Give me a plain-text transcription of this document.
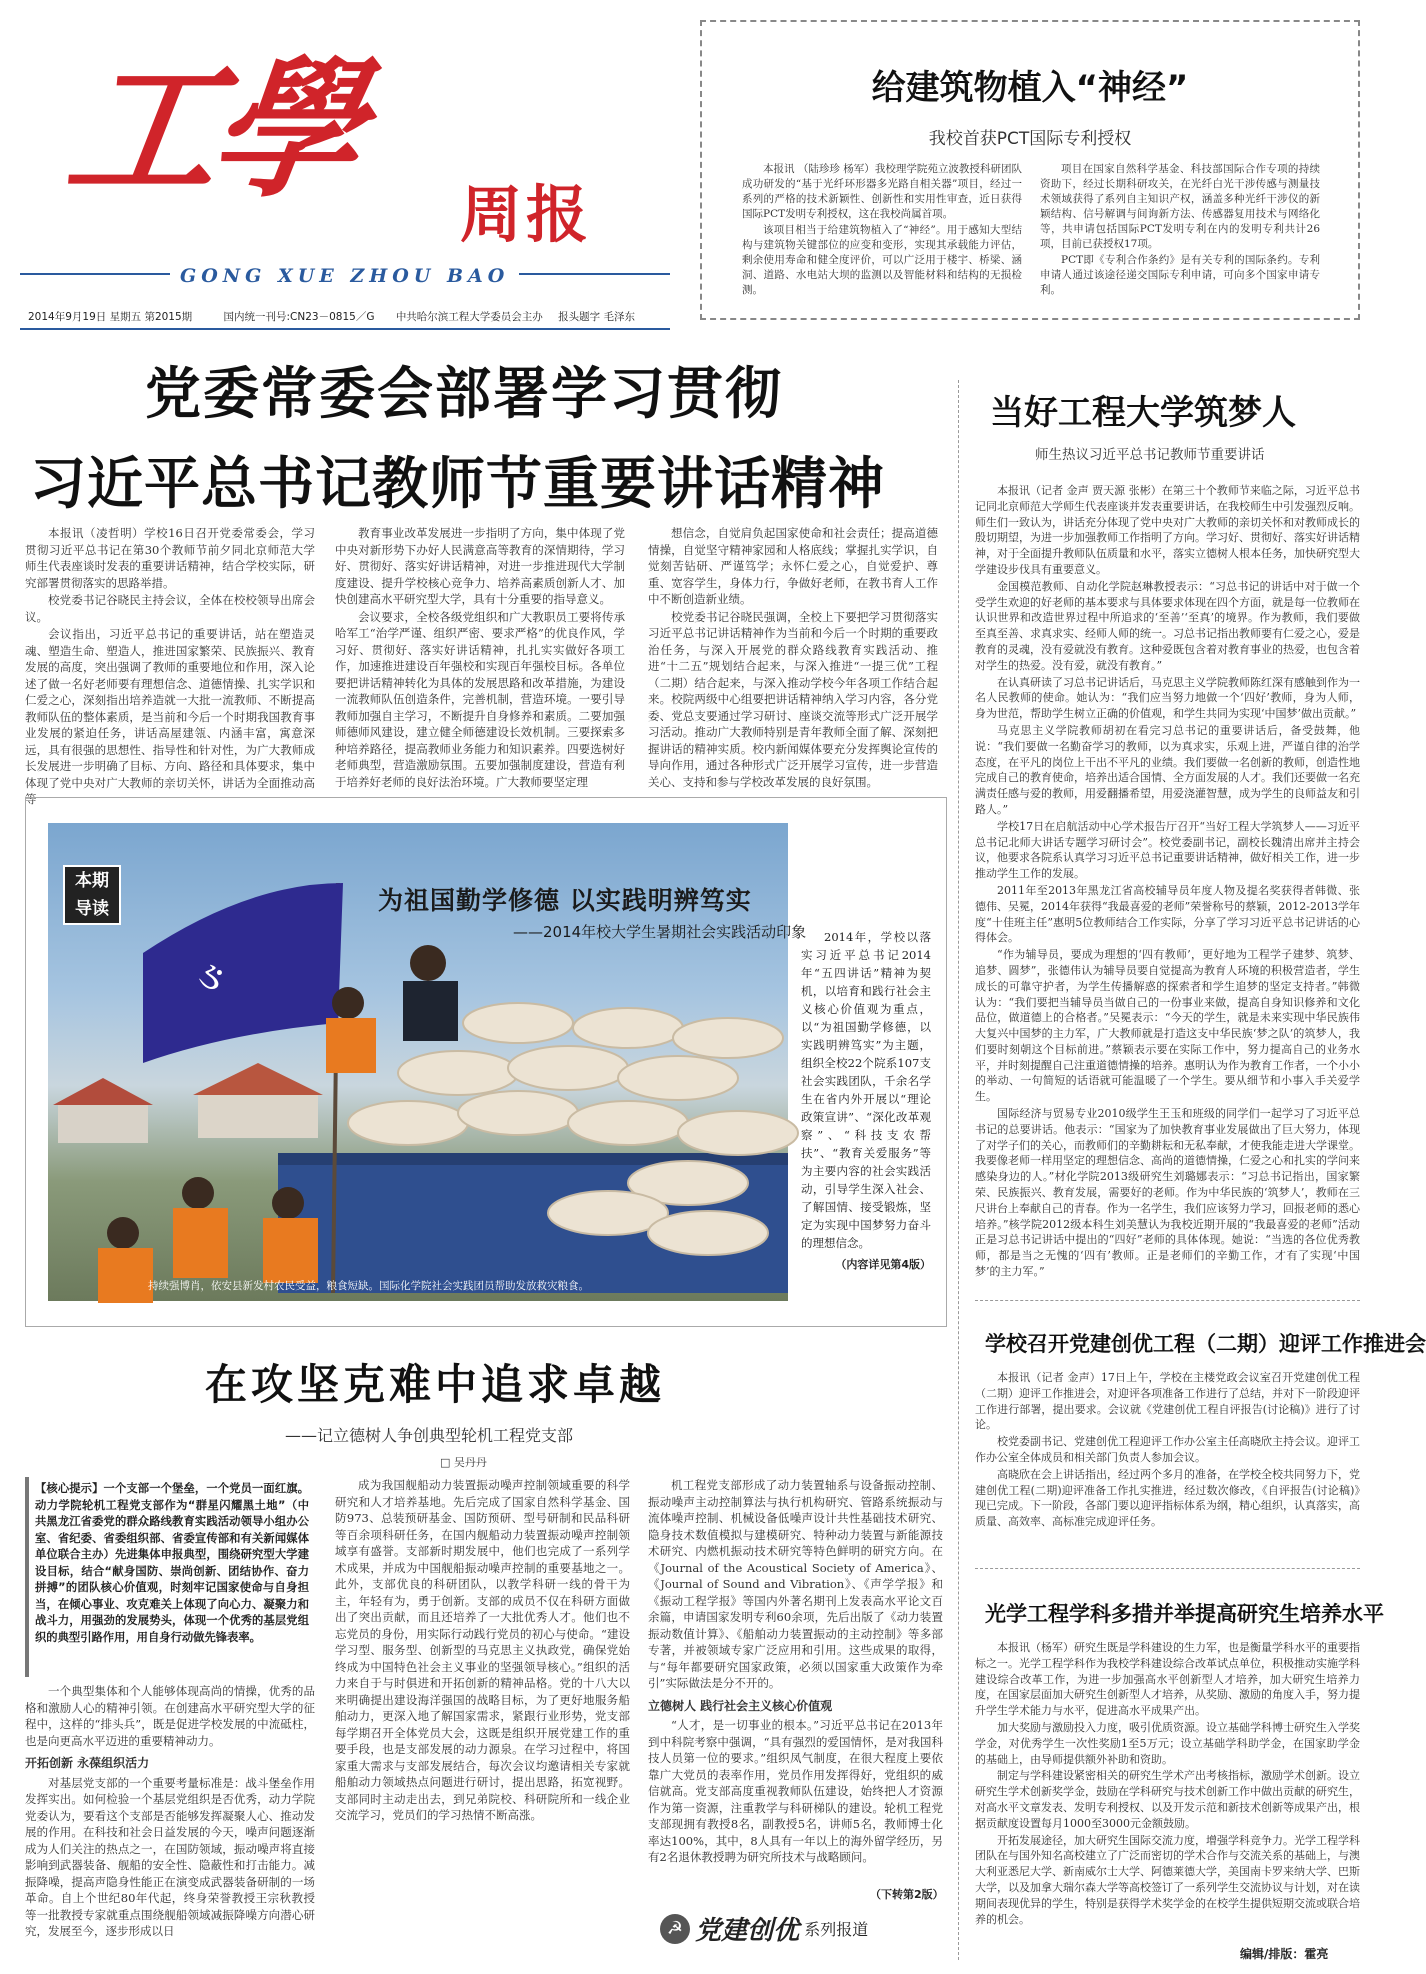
工學 周报
GONG XUE ZHOU BAO
2014年9月19日 星期五 第2015期	国内统一刊号:CN23－0815／G 中共哈尔滨工程大学委员会主办 报头题字 毛泽东
给建筑物植入“神经”
我校首获PCT国际专利授权

本报讯 （陆珍珍 杨军）我校理学院苑立波教授科研团队成功研发的“基于光纤环形器多光路自相关器”项目，经过一系列的严格的技术新颖性、创新性和实用性审查，近日获得国际PCT发明专利授权，这在我校尚属首项。

该项目相当于给建筑物植入了“神经”。用于感知大型结构与建筑物关键部位的应变和变形，实现其承载能力评估，剩余使用寿命和健全度评价，可以广泛用于楼宇、桥梁、涵洞、道路、水电站大坝的监测以及智能材料和结构的无损检测。

项目在国家自然科学基金、科技部国际合作专项的持续资助下，经过长期科研攻关，在光纤白光干涉传感与测量技术领域获得了系列自主知识产权，涵盖多种光纤干涉仪的新颖结构、信号解调与间询新方法、传感器复用技术与网络化等，共申请包括国际PCT发明专利在内的发明专利共计26项，目前已获授权17项。

PCT即《专利合作条约》是有关专利的国际条约。专利申请人通过该途径递交国际专利申请，可向多个国家申请专利。

党委常委会部署学习贯彻
习近平总书记教师节重要讲话精神

本报讯（凌哲明）学校16日召开党委常委会，学习贯彻习近平总书记在第30个教师节前夕同北京师范大学师生代表座谈时发表的重要讲话精神，结合学校实际，研究部署贯彻落实的思路举措。

校党委书记谷晓民主持会议，全体在校校领导出席会议。

会议指出，习近平总书记的重要讲话，站在塑造灵魂、塑造生命、塑造人，推进国家繁荣、民族振兴、教育发展的高度，突出强调了教师的重要地位和作用，深入论述了做一名好老师要有理想信念、道德情操、扎实学识和仁爱之心，深刻指出培养造就一大批一流教师、不断提高教师队伍的整体素质，是当前和今后一个时期我国教育事业发展的紧迫任务，讲话高屋建瓴、内涵丰富，寓意深远，具有很强的思想性、指导性和针对性，为广大教师成长发展进一步明确了目标、方向、路径和具体要求，集中体现了党中央对广大教师的亲切关怀，讲话为全面推动高等

教育事业改革发展进一步指明了方向，集中体现了党中央对新形势下办好人民满意高等教育的深情期待，学习好、贯彻好、落实好讲话精神，对进一步推进现代大学制度建设、提升学校核心竞争力、培养高素质创新人才、加快创建高水平研究型大学，具有十分重要的指导意义。

会议要求，全校各级党组织和广大教职员工要将传承哈军工“治学严谨、组织严密、要求严格”的优良作风，学习好、贯彻好、落实好讲话精神，扎扎实实做好各项工作，加速推进建设百年强校和实现百年强校目标。各单位要把讲话精神转化为具体的发展思路和改革措施，为建设一流教师队伍创造条件，完善机制，营造环境。一要引导教师加强自主学习，不断提升自身修养和素质。二要加强师德师风建设，建立健全师德建设长效机制。三要探索多种培养路径，提高教师业务能力和知识素养。四要选树好老师典型，营造激励氛围。五要加强制度建设，营造有利于培养好老师的良好法治环境。广大教师要坚定理

想信念，自觉肩负起国家使命和社会责任；提高道德情操，自觉坚守精神家园和人格底线；掌握扎实学识，自觉刻苦钻研、严谨笃学；永怀仁爱之心，自觉爱护、尊重、宽容学生，身体力行，争做好老师，在教书育人工作中不断创造新业绩。

校党委书记谷晓民强调，全校上下要把学习贯彻落实习近平总书记讲话精神作为当前和今后一个时期的重要政治任务，与深入开展党的群众路线教育实践活动、推进“十二五”规划结合起来，与深入推进“一提三优”工程（二期）结合起来，与深入推动学校今年各项工作结合起来。校院两级中心组要把讲话精神纳入学习内容，各分党委、党总支要通过学习研讨、座谈交流等形式广泛开展学习活动。推动广大教师特别是青年教师全面了解、深刻把握讲话的精神实质。校内新闻媒体要充分发挥舆论宣传的导向作用，通过各种形式广泛开展学习宣传，进一步营造关心、支持和参与学校改革发展的良好氛围。

当好工程大学筑梦人
师生热议习近平总书记教师节重要讲话

本报讯（记者 金声 贾天源 张彬）在第三十个教师节来临之际，习近平总书记同北京师范大学师生代表座谈并发表重要讲话，在我校师生中引发强烈反响。师生们一致认为，讲话充分体现了党中央对广大教师的亲切关怀和对教师成长的殷切期望，为进一步加强教师工作指明了方向。学习好、贯彻好、落实好讲话精神，对于全面提升教师队伍质量和水平，落实立德树人根本任务，加快研究型大学建设步伐具有重要意义。

金国模范教师、自动化学院赵琳教授表示：“习总书记的讲话中对于做一个受学生欢迎的好老师的基本要求与具体要求体现在四个方面，就是每一位教师在认识世界和改造世界过程中所追求的‘至善’‘至真’的境界。作为教师，我们要做至真至善、求真求实、经师人师的统一。习总书记指出教师要有仁爱之心，爱是教育的灵魂，没有爱就没有教育。这种爱既包含着对教育事业的热爱，也包含着对学生的热爱。没有爱，就没有教育。”

在认真研读了习总书记讲话后，马克思主义学院教师陈红深有感触到作为一名人民教师的使命。她认为：“我们应当努力地做一个‘四好’教师，身为人师，身为世范，帮助学生树立正确的价值观，和学生共同为实现‘中国梦’做出贡献。”

马克思主义学院教师胡初在看完习总书记的重要讲话后，备受鼓舞，他说：“我们要做一名勤奋学习的教师，以为真求实，乐观上进，严谨自律的治学态度，在平凡的岗位上干出不平凡的业绩。我们要做一名创新的教师，创造性地完成自己的教育使命，培养出适合国情、全方面发展的人才。我们还要做一名充满责任感与爱的教师，用爱翻播希望，用爱浇灌智慧，成为学生的良师益友和引路人。”

学校17日在启航活动中心学术报告厅召开“当好工程大学筑梦人——习近平总书记北师大讲话专题学习研讨会”。校党委副书记，副校长魏清出席并主持会议，他要求各院系认真学习习近平总书记重要讲话精神，做好相关工作，进一步推动学生工作的发展。

2011年至2013年黑龙江省高校辅导员年度人物及提名奖获得者韩微、张德伟、吴冕，2014年获得“我最喜爱的老师”荣誉称号的蔡颖，2012-2013学年度“十佳班主任”惠明5位教师结合工作实际，分享了学习习近平总书记讲话的心得体会。

“作为辅导员，要成为理想的‘四有教师’，更好地为工程学子建梦、筑梦、追梦、圆梦”，张德伟认为辅导员要自觉提高为教育人环境的积极营造者，学生成长的可靠守护者，为学生传播解惑的探索者和学生追梦的坚定支持者。”韩微认为：“我们要把当辅导员当做自己的一份事业来做，提高自身知识修养和文化品位，做道德上的合格者。”吴冕表示：“今天的学生，就是未来实现中华民族伟大复兴中国梦的主力军，广大教师就是打造这支中华民族‘梦之队’的筑梦人，我们要时刻朝这个目标前进。”蔡颖表示要在实际工作中，努力提高自己的业务水平，并时刻提醒自己注重道德情操的培养。惠明认为作为教育工作者，一个小小的举动、一句简短的话语就可能温暖了一个学生。要从细节和小事入手关爱学生。

国际经济与贸易专业2010级学生王玉和班级的同学们一起学习了习近平总书记的总要讲话。他表示：“国家为了加快教育事业发展做出了巨大努力，体现了对学子们的关心，而教师们的辛勤耕耘和无私奉献，才使我能走进大学课堂。我要像老师一样用坚定的理想信念、高尚的道德情操，仁爱之心和扎实的学问来感染身边的人。”材化学院2013级研究生刘璐娜表示：“习总书记指出，国家繁荣、民族振兴、教育发展，需要好的老师。作为中华民族的‘筑梦人’，教师在三尺讲台上奉献自己的青春。作为一名学生，我们应该努力学习，回报老师的悉心培养。”核学院2012级本科生刘美慧认为我校近期开展的“我最喜爱的老师”活动正是习总书记讲话中提出的“四好”老师的具体体现。她说：“当选的各位优秀教师，都是当之无愧的‘四有’教师。正是老师们的辛勤工作，才有了实现‘中国梦’的主力军。”

ઙ
本期
导读	为祖国勤学修德 以实践明辨笃实
——2014年校大学生暑期社会实践活动印象
持续强博肖，依安县新发村农民受益，粮食短缺。国际化学院社会实践团员帮助发放救灾粮食。

2014年，学校以落实习近平总书记2014年“五四讲话”精神为契机，以培育和践行社会主义核心价值观为重点，以“为祖国勤学修德，以实践明辨笃实”为主题，组织全校22个院系107支社会实践团队，千余名学生在省内外开展以“理论政策宣讲”、“深化改革观察”、“科技支农帮扶”、“教育关爱服务”等为主要内容的社会实践活动，引导学生深入社会、了解国情、接受锻炼，坚定为实现中国梦努力奋斗的理想信念。

（内容详见第4版）

在攻坚克难中追求卓越
——记立德树人争创典型轮机工程党支部
□ 吴丹丹
【核心提示】一个支部一个堡垒，一个党员一面红旗。动力学院轮机工程党支部作为“群星闪耀黑土地”（中共黑龙江省委党的群众路线教育实践活动领导小组办公室、省纪委、省委组织部、省委宣传部和有关新闻媒体单位联合主办）先进集体申报典型，围绕研究型大学建设目标，结合“献身国防、崇尚创新、团结协作、奋力拼搏”的团队核心价值观，时刻牢记国家使命与自身担当，在倾心事业、攻克难关上体现了向心力、凝聚力和战斗力，用强劲的发展势头，体现一个优秀的基层党组织的典型引路作用，用自身行动做先锋表率。

一个典型集体和个人能够体现高尚的情操，优秀的品格和激励人心的精神引领。在创建高水平研究型大学的征程中，这样的“排头兵”，既是促进学校发展的中流砥柱，也是向更高水平迈进的重要精神动力。

开拓创新 永葆组织活力

对基层党支部的一个重要考量标准是：战斗堡垒作用发挥实出。如何检验一个基层党组织是否优秀，动力学院党委认为，要看这个支部是否能够发挥凝聚人心、推动发展的作用。在科技和社会日益发展的今天，噪声问题逐渐成为人们关注的热点之一，在国防领域，振动噪声将直接影响到武器装备、舰船的安全性、隐蔽性和打击能力。减振降噪，提高声隐身性能正在演变成武器装备研制的一场革命。自上个世纪80年代起，终身荣誉教授王宗秋教授等一批教授专家就重点围绕舰船领域减振降噪方向潜心研究，发展至今，逐步形成以日

成为我国舰船动力装置振动噪声控制领域重要的科学研究和人才培养基地。先后完成了国家自然科学基金、国防973、总装预研基金、国防预研、型号研制和民品科研等百余项科研任务，在国内舰船动力装置振动噪声控制领域享有盛誉。支部新时期发展中，他们也完成了一系列学术成果，并成为中国舰船振动噪声控制的重要基地之一。此外，支部优良的科研团队，以教学科研一线的骨干为主，年轻有为，勇于创新。支部的成员不仅在科研方面做出了突出贡献，而且还培养了一大批优秀人才。他们也不忘党员的身份，用实际行动践行党员的初心与使命。“建设学习型、服务型、创新型的马克思主义执政党，确保党始终成为中国特色社会主义事业的坚强领导核心。”组织的活力来自于与时俱进和开拓创新的精神品格。党的十八大以来明确提出建设海洋强国的战略目标，为了更好地服务船舶动力，更深入地了解国家需求，紧跟行业形势，党支部每学期召开全体党员大会，这既是组织开展党建工作的重要手段，也是支部发展的动力源泉。在学习过程中，将国家重大需求与支部发展结合，每次会议均邀请相关专家就船舶动力领域热点问题进行研讨，提出思路，拓宽视野。支部同时主动走出去，到兄弟院校、科研院所和一线企业交流学习，党员们的学习热情不断高涨。

机工程党支部形成了动力装置轴系与设备振动控制、振动噪声主动控制算法与执行机构研究、管路系统振动与流体噪声控制、机械设备低噪声设计共性基础技术研究、隐身技术数值模拟与建模研究、特种动力装置与新能源技术研究、内燃机振动技术研究等特色鲜明的研究方向。在《Journal of the Acoustical Society of America》、《Journal of Sound and Vibration》、《声学学报》和《振动工程学报》等国内外著名期刊上发表高水平论文百余篇，申请国家发明专利60余项，先后出版了《动力装置振动数值计算》、《船舶动力装置振动的主动控制》等多部专著，并被领域专家广泛应用和引用。这些成果的取得，与“每年都要研究国家政策，必须以国家重大政策作为牵引”实际做法是分不开的。

立德树人 践行社会主义核心价值观

“人才，是一切事业的根本。”习近平总书记在2013年到中科院考察中强调，“具有强烈的爱国情怀，是对我国科技人员第一位的要求。”组织凤气制度，在很大程度上要依靠广大党员的表率作用，党员作用发挥得好，党组织的威信就高。党支部高度重视教师队伍建设，始终把人才资源作为第一资源，注重教学与科研梯队的建设。轮机工程党支部现拥有教授8名，副教授5名，讲师5名，教师博士化率达100%，其中，8人具有一年以上的海外留学经历，另有2名退休教授聘为研究所技术与战略顾问。

（下转第2版）
☭ 党建创优 系列报道
学校召开党建创优工程（二期）迎评工作推进会

本报讯（记者 金声）17日上午，学校在主楼党政会议室召开党建创优工程（二期）迎评工作推进会，对迎评各项准备工作进行了总结，并对下一阶段迎评工作进行部署，提出要求。会议就《党建创优工程自评报告(讨论稿)》进行了讨论。

校党委副书记、党建创优工程迎评工作办公室主任高晓欣主持会议。迎评工作办公室全体成员和相关部门负责人参加会议。

高晓欣在会上讲话指出，经过两个多月的准备，在学校全校共同努力下，党建创优工程(二期)迎评准备工作扎实推进，经过数次修改，《自评报告(讨论稿)》现已完成。下一阶段，各部门要以迎评指标体系为纲，精心组织，认真落实，高质量、高效率、高标准完成迎评任务。

光学工程学科多措并举提高研究生培养水平

本报讯（杨军）研究生既是学科建设的生力军，也是衡量学科水平的重要指标之一。光学工程学科作为我校学科建设综合改革试点单位，积极推动实施学科建设综合改革工作，为进一步加强高水平创新型人才培养，加大研究生培养力度，在国家层面加大研究生创新型人才培养，从奖励、激励的角度入手，努力提升学生学术能力与水平，促进高水平成果产出。

加大奖励与激励投入力度，吸引优质资源。设立基础学科博士研究生入学奖学金，对优秀学生一次性奖励1至5万元；设立基础学科助学金，在国家助学金的基础上，由导师提供额外补助和资助。

制定与学科建设紧密相关的研究生学术产出考核指标，激励学术创新。设立研究生学术创新奖学金，鼓励在学科研究与技术创新工作中做出贡献的研究生，对高水平文章发表、发明专利授权、以及开发示范和新技术创新等成果产出，根据贡献度设置每月1000至3000元金额鼓励。

开拓发展途径，加大研究生国际交流力度，增强学科竞争力。光学工程学科团队在与国外知名高校建立了广泛而密切的学术合作与交流关系的基础上，与澳大利亚悉尼大学、新南威尔士大学、阿德莱德大学，美国南卡罗来纳大学、巴斯大学，以及加拿大瑞尔森大学等高校签订了一系列学生交流协议与计划，对在读期间表现优异的学生，特别是获得学术奖学金的在校学生提供短期交流或联合培养的机会。

编辑/排版：霍亮
